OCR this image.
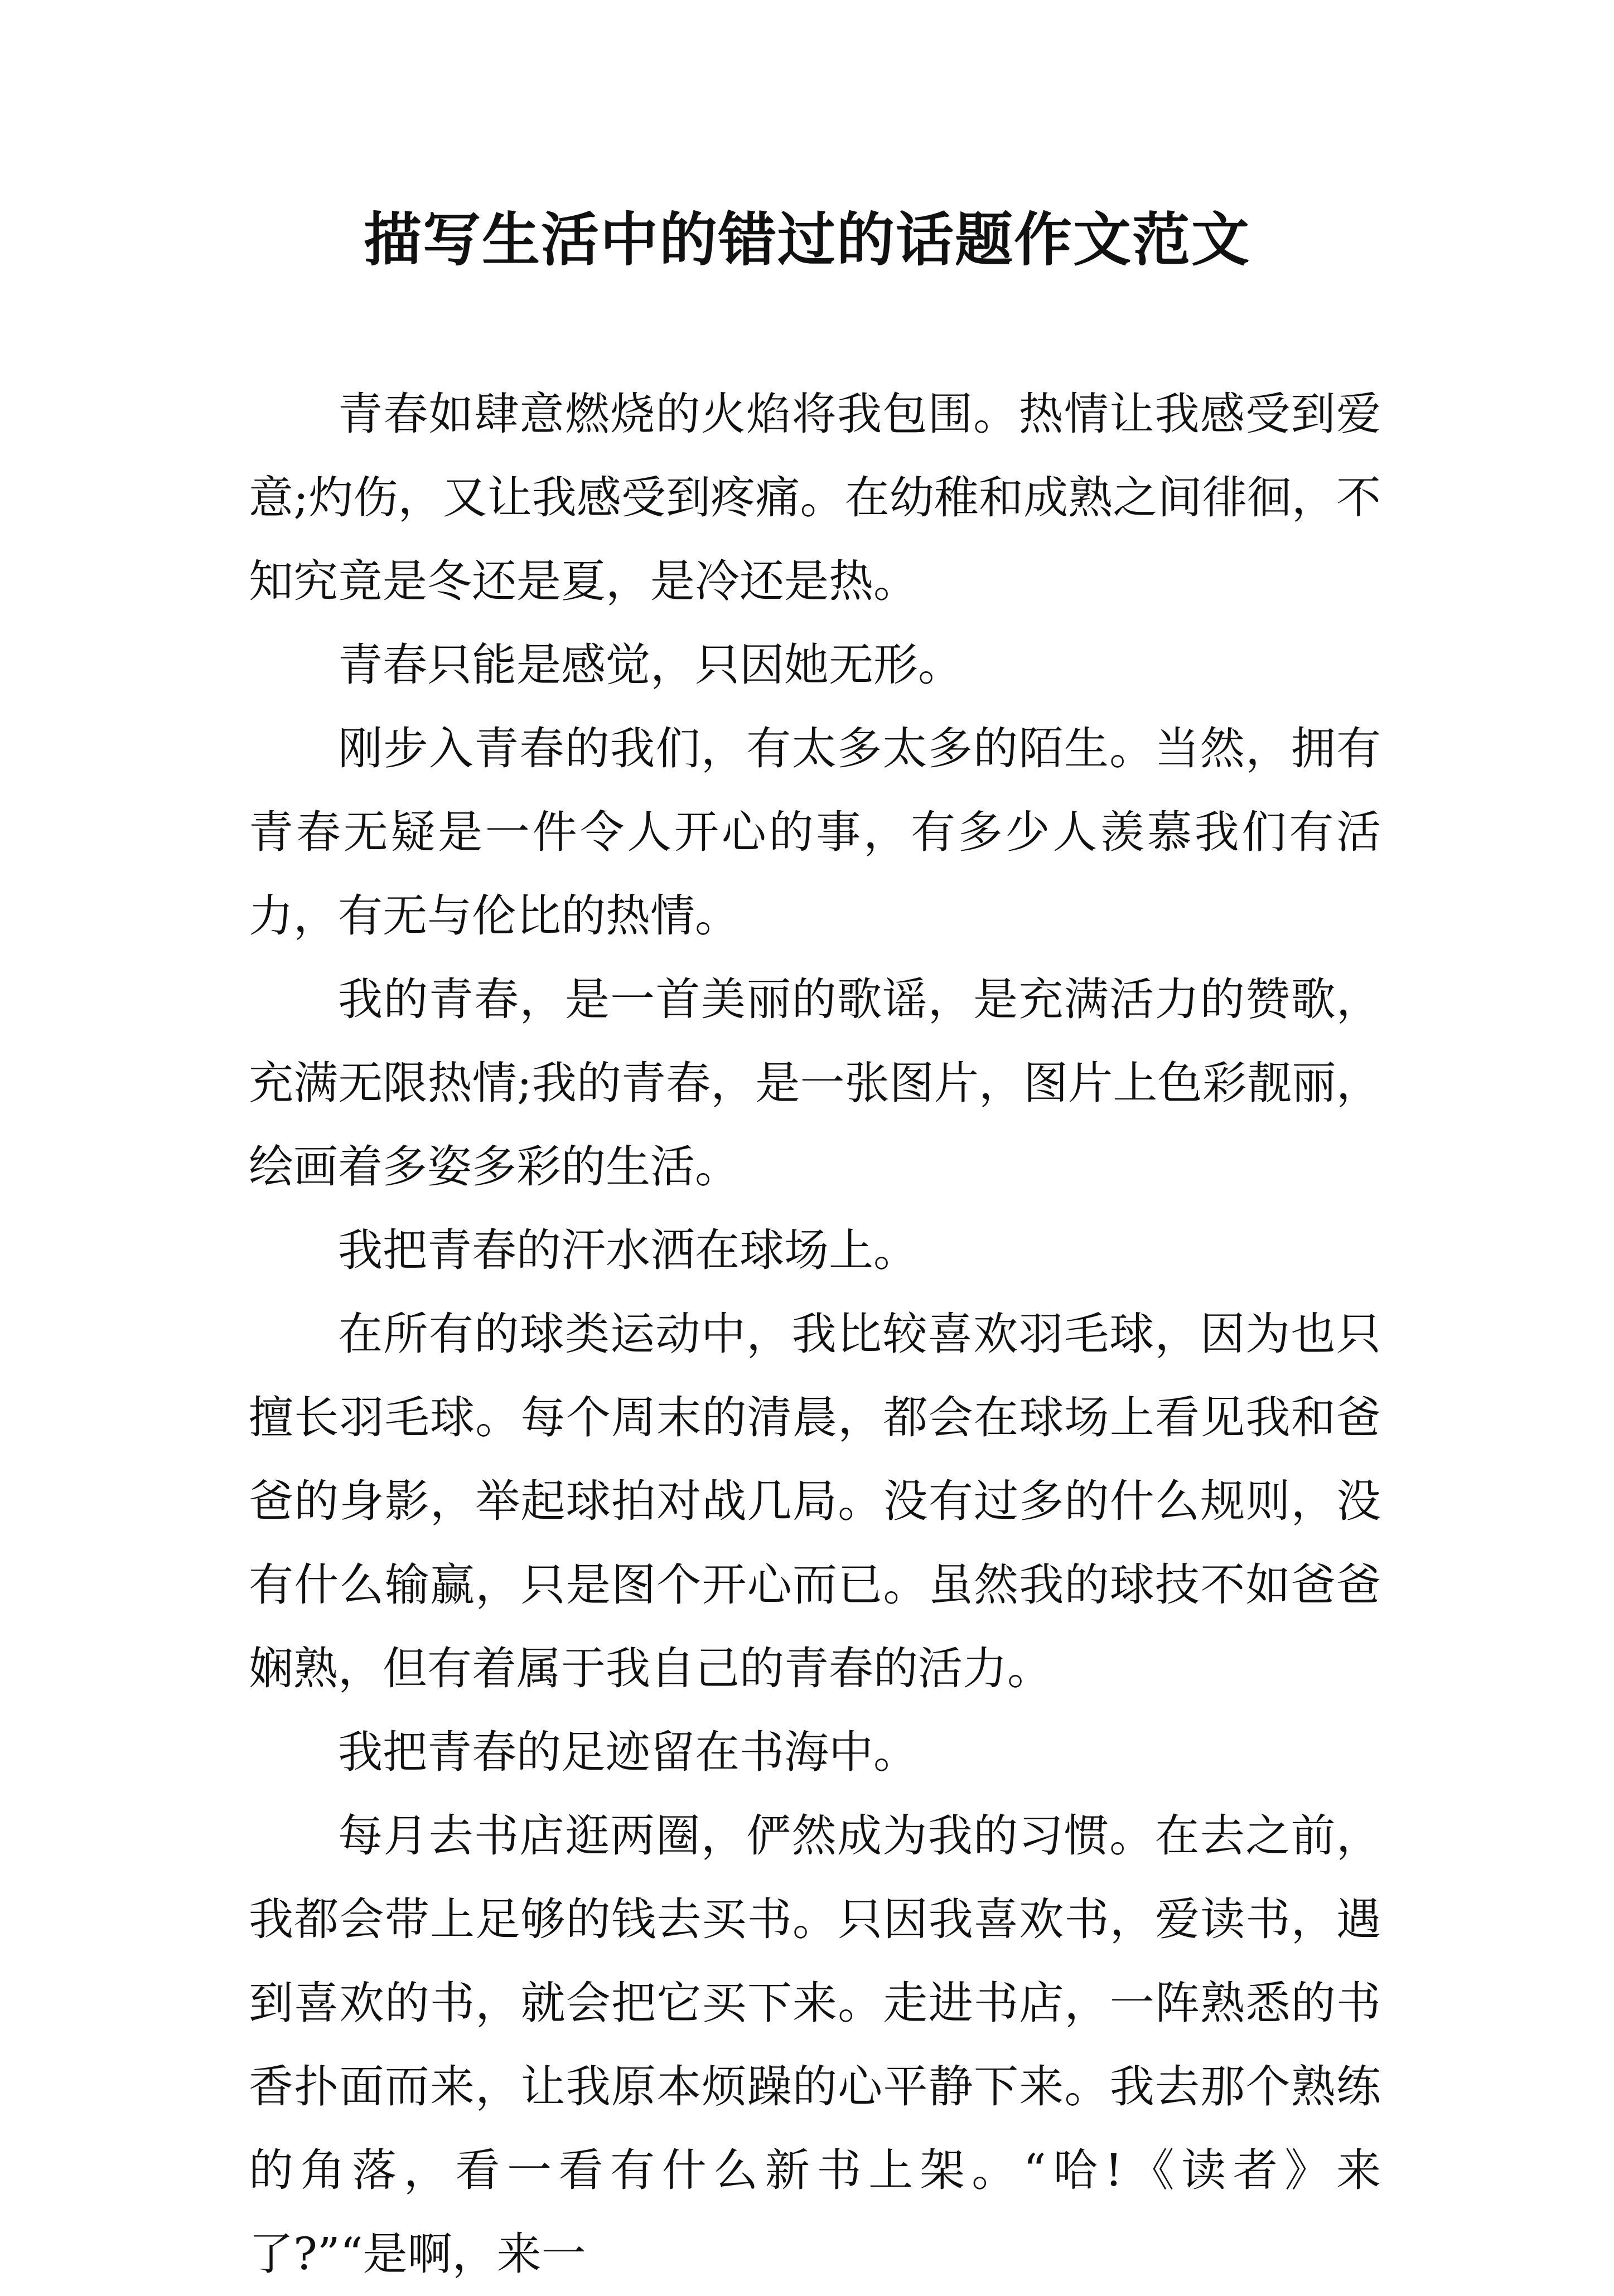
描写生活中的错过的话题作文范文

青春如肆意燃烧的火焰将我包围。热情让我感受到爱意;灼伤，又让我感受到疼痛。在幼稚和成熟之间徘徊，不知究竟是冬还是夏，是冷还是热。

青春只能是感觉，只因她无形。

刚步入青春的我们，有太多太多的陌生。当然，拥有青春无疑是一件令人开心的事，有多少人羡慕我们有活力，有无与伦比的热情。

我的青春，是一首美丽的歌谣，是充满活力的赞歌，充满无限热情;我的青春，是一张图片，图片上色彩靓丽，绘画着多姿多彩的生活。

我把青春的汗水洒在球场上。

在所有的球类运动中，我比较喜欢羽毛球，因为也只擅长羽毛球。每个周末的清晨，都会在球场上看见我和爸爸的身影，举起球拍对战几局。没有过多的什么规则，没有什么输赢，只是图个开心而已。虽然我的球技不如爸爸娴熟，但有着属于我自己的青春的活力。

我把青春的足迹留在书海中。

每月去书店逛两圈，俨然成为我的习惯。在去之前，我都会带上足够的钱去买书。只因我喜欢书，爱读书，遇到喜欢的书，就会把它买下来。走进书店，一阵熟悉的书香扑面而来，让我原本烦躁的心平静下来。我去那个熟练的角落，看一看有什么新书上架。“哈!《读者》来了?”“是啊，来一
